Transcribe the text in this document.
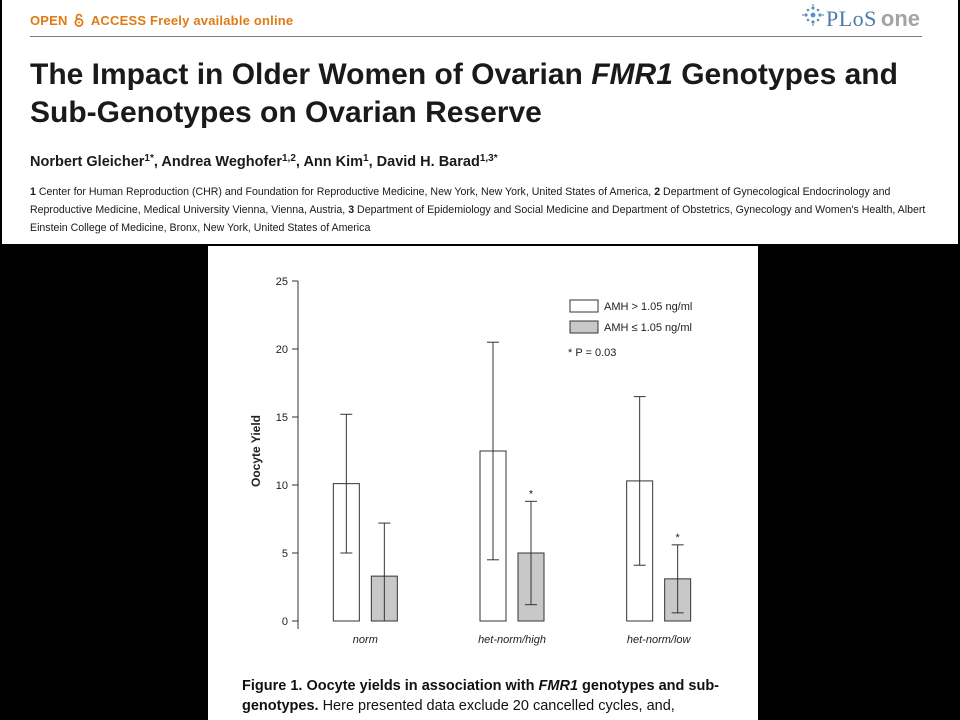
OPEN ACCESS Freely available online	PLoS one
The Impact in Older Women of Ovarian FMR1 Genotypes and Sub-Genotypes on Ovarian Reserve
Norbert Gleicher$^{1*}$, Andrea Weghofer$^{1,2}$, Ann Kim$^1$, David H. Barad$^{1,3*}$
1 Center for Human Reproduction (CHR) and Foundation for Reproductive Medicine, New York, New York, United States of America, 2 Department of Gynecological Endocrinology and Reproductive Medicine, Medical University Vienna, Vienna, Austria, 3 Department of Epidemiology and Social Medicine and Department of Obstetrics, Gynecology and Women's Health, Albert Einstein College of Medicine, Bronx, New York, United States of America
0
5
10
15
20
25
Oocyte Yield
norm	het-norm/high	het-norm/low
*
*
AMH > 1.05 ng/ml
AMH ≤ 1.05 ng/ml
* P = 0.03
Figure 1. Oocyte yields in association with FMR1 genotypes and sub-genotypes. Here presented data exclude 20 cancelled cycles, and,
